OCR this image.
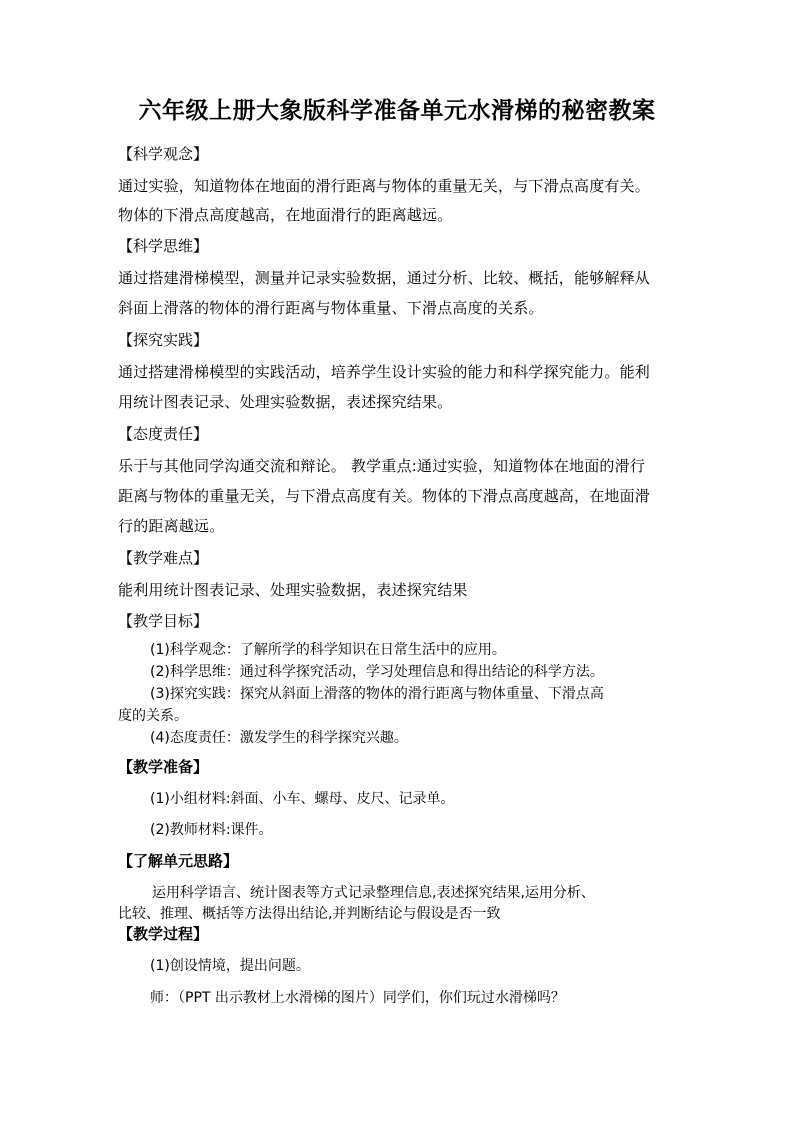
六年级上册大象版科学准备单元水滑梯的秘密教案
【科学观念】
通过实验，知道物体在地面的滑行距离与物体的重量无关，与下滑点高度有关。
物体的下滑点高度越高，在地面滑行的距离越远。
【科学思维】
通过搭建滑梯模型，测量并记录实验数据，通过分析、比较、概括，能够解释从
斜面上滑落的物体的滑行距离与物体重量、下滑点高度的关系。
【探究实践】
通过搭建滑梯模型的实践活动，培养学生设计实验的能力和科学探究能力。能利
用统计图表记录、处理实验数据，表述探究结果。
【态度责任】
乐于与其他同学沟通交流和辩论。 教学重点:通过实验，知道物体在地面的滑行
距离与物体的重量无关，与下滑点高度有关。物体的下滑点高度越高，在地面滑
行的距离越远。
【教学难点】
能利用统计图表记录、处理实验数据，表述探究结果
【教学目标】
(1)科学观念：了解所学的科学知识在日常生活中的应用。
(2)科学思维：通过科学探究活动，学习处理信息和得出结论的科学方法。
(3)探究实践：探究从斜面上滑落的物体的滑行距离与物体重量、下滑点高
度的关系。
(4)态度责任：激发学生的科学探究兴趣。
【教学准备】
(1)小组材料:斜面、小车、螺母、皮尺、记录单。
(2)教师材料:课件。
【了解单元思路】
运用科学语言、统计图表等方式记录整理信息,表述探究结果,运用分析、
比较、推理、概括等方法得出结论,并判断结论与假设是否一致
【教学过程】
(1)创设情境，提出问题。
师：（PPT 出示教材上水滑梯的图片）同学们，你们玩过水滑梯吗？
